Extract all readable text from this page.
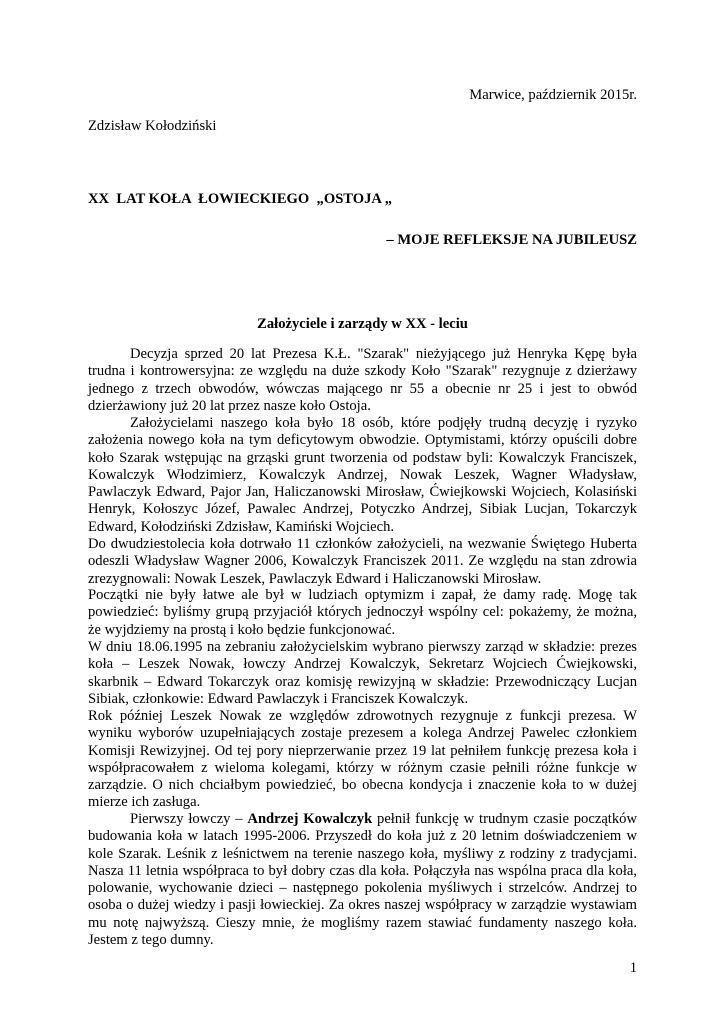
Marwice, październik 2015r.

Zdzisław Kołodziński

XX  LAT KOŁA  ŁOWIECKIEGO  „OSTOJA „

– MOJE REFLEKSJE NA JUBILEUSZ

Założyciele i zarządy w XX - leciu

Decyzja sprzed 20 lat Prezesa K.Ł. "Szarak" nieżyjącego już Henryka Kępę była trudna i kontrowersyjna: ze względu na duże szkody Koło "Szarak" rezygnuje z dzierżawy jednego z trzech obwodów, wówczas mającego nr 55 a obecnie nr 25 i jest to obwód dzierżawiony już 20 lat przez nasze koło Ostoja.

Założycielami naszego koła było 18 osób, które podjęły trudną decyzję i ryzyko założenia nowego koła na tym deficytowym obwodzie. Optymistami, którzy opuścili dobre koło Szarak wstępując na grząski grunt tworzenia od podstaw byli: Kowalczyk Franciszek, Kowalczyk Włodzimierz, Kowalczyk Andrzej, Nowak Leszek, Wagner Władysław, Pawlaczyk Edward, Pajor Jan, Haliczanowski Mirosław, Ćwiejkowski Wojciech, Kolasiński Henryk, Kołoszyc Józef, Pawalec Andrzej, Potyczko Andrzej, Sibiak Lucjan, Tokarczyk Edward, Kołodziński Zdzisław, Kamiński Wojciech.

Do dwudziestolecia koła dotrwało 11 członków założycieli, na wezwanie Świętego Huberta odeszli Władysław Wagner 2006, Kowalczyk Franciszek 2011. Ze względu na stan zdrowia zrezygnowali: Nowak Leszek, Pawlaczyk Edward i Haliczanowski Mirosław.

Początki nie były łatwe ale był w ludziach optymizm i zapał, że damy radę. Mogę tak powiedzieć: byliśmy grupą przyjaciół których jednoczył wspólny cel: pokażemy, że można, że wyjdziemy na prostą i koło będzie funkcjonować.

W dniu 18.06.1995 na zebraniu założycielskim wybrano pierwszy zarząd w składzie: prezes koła – Leszek Nowak, łowczy Andrzej Kowalczyk, Sekretarz Wojciech Ćwiejkowski, skarbnik – Edward Tokarczyk oraz komisję rewizyjną w składzie: Przewodniczący Lucjan Sibiak, członkowie: Edward Pawlaczyk i Franciszek Kowalczyk.

Rok później Leszek Nowak ze względów zdrowotnych rezygnuje z funkcji prezesa. W wyniku wyborów uzupełniających zostaje prezesem a kolega Andrzej Pawelec członkiem Komisji Rewizyjnej. Od tej pory nieprzerwanie przez 19 lat pełniłem funkcję prezesa koła i współpracowałem z wieloma kolegami, którzy w różnym czasie pełnili różne funkcje w zarządzie. O nich chciałbym powiedzieć, bo obecna kondycja i znaczenie koła to w dużej mierze ich zasługa.

Pierwszy łowczy – Andrzej Kowalczyk pełnił funkcję w trudnym czasie początków budowania koła w latach 1995-2006. Przyszedł do koła już z 20 letnim doświadczeniem w kole Szarak. Leśnik z leśnictwem na terenie naszego koła, myśliwy z rodziny z tradycjami. Nasza 11 letnia współpraca to był dobry czas dla koła. Połączyła nas wspólna praca dla koła, polowanie, wychowanie dzieci – następnego pokolenia myśliwych i strzelców. Andrzej to osoba o dużej wiedzy i pasji łowieckiej. Za okres naszej współpracy w zarządzie wystawiam mu notę najwyższą. Cieszy mnie, że mogliśmy razem stawiać fundamenty naszego koła. Jestem z tego dumny.

1
